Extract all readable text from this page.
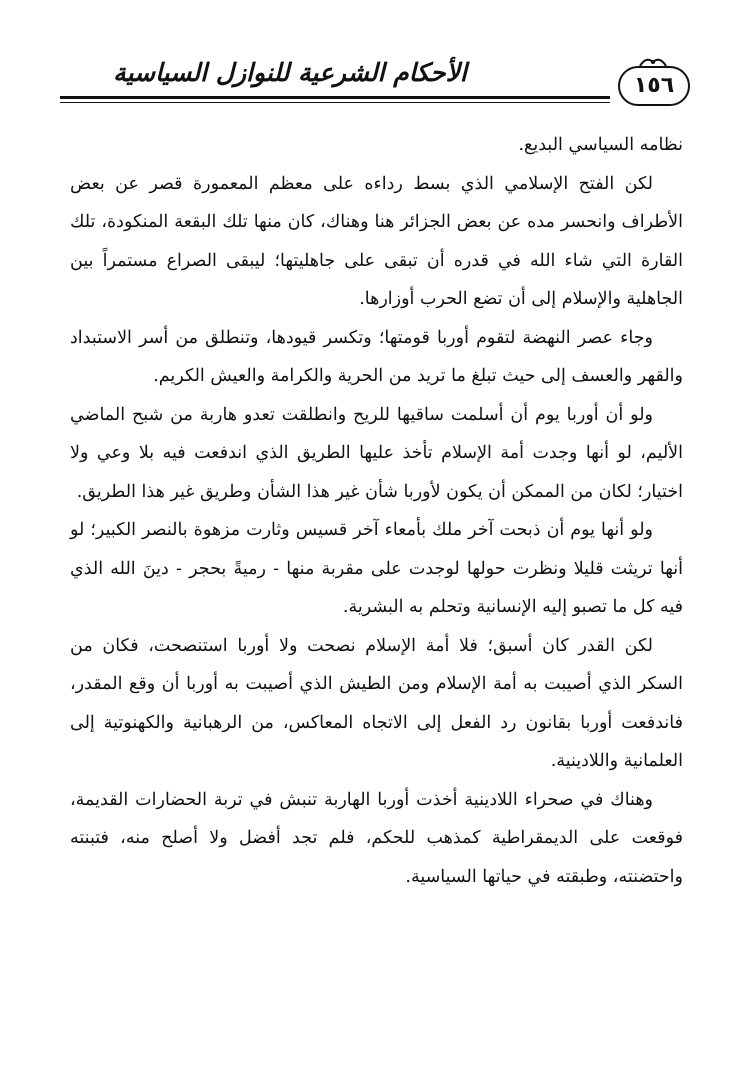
الأحكام الشرعية للنوازل السياسية	١٥٦

نظامه السياسي البديع.

لكن الفتح الإسلامي الذي بسط رداءه على معظم المعمورة قصر عن بعض الأطراف وانحسر مده عن بعض الجزائر هنا وهناك، كان منها تلك البقعة المنكودة، تلك القارة التي شاء الله في قدره أن تبقى على جاهليتها؛ ليبقى الصراع مستمراً بين الجاهلية والإسلام إلى أن تضع الحرب أوزارها.

وجاء عصر النهضة لتقوم أوربا قومتها؛ وتكسر قيودها، وتنطلق من أسر الاستبداد والقهر والعسف إلى حيث تبلغ ما تريد من الحرية والكرامة والعيش الكريم.

ولو أن أوربا يوم أن أسلمت ساقيها للريح وانطلقت تعدو هاربة من شبح الماضي الأليم، لو أنها وجدت أمة الإسلام تأخذ عليها الطريق الذي اندفعت فيه بلا وعي ولا اختيار؛ لكان من الممكن أن يكون لأوربا شأن غير هذا الشأن وطريق غير هذا الطريق.

ولو أنها يوم أن ذبحت آخر ملك بأمعاء آخر قسيس وثارت مزهوة بالنصر الكبير؛ لو أنها تريثت قليلا ونظرت حولها لوجدت على مقربة منها - رميةً بحجر - دينَ الله الذي فيه كل ما تصبو إليه الإنسانية وتحلم به البشرية.

لكن القدر كان أسبق؛ فلا أمة الإسلام نصحت ولا أوربا استنصحت، فكان من السكر الذي أصيبت به أمة الإسلام ومن الطيش الذي أصيبت به أوربا أن وقع المقدر، فاندفعت أوربا بقانون رد الفعل إلى الاتجاه المعاكس، من الرهبانية والكهنوتية إلى العلمانية واللادينية.

وهناك في صحراء اللادينية أخذت أوربا الهاربة تنبش في تربة الحضارات القديمة، فوقعت على الديمقراطية كمذهب للحكم، فلم تجد أفضل ولا أصلح منه، فتبنته واحتضنته، وطبقته في حياتها السياسية.
